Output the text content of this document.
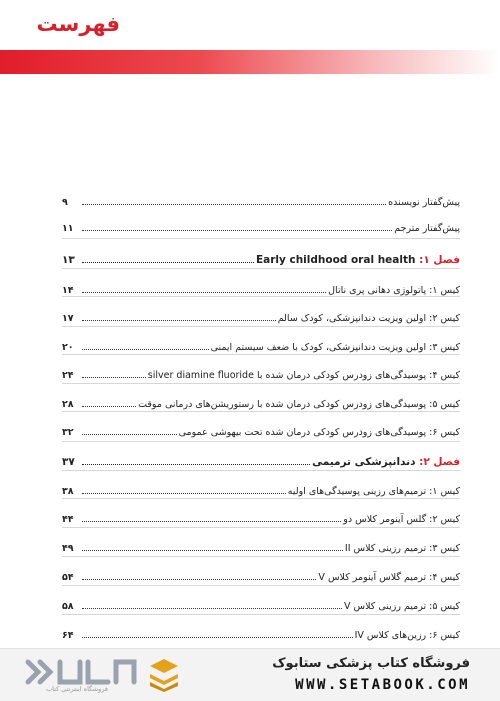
فهرست
پیش‌گفتار نویسنده
۹
پیش‌گفتار مترجم
۱۱
فصل ۱: Early childhood oral health
۱۳
کیس ۱: پاتولوژی دهانی پری ناتال
۱۴
کیس ۲: اولین ویزیت دندانپزشکی، کودک سالم
۱۷
کیس ۳: اولین ویزیت دندانپزشکی، کودک با ضعف سیستم ایمنی
۲۰
کیس ۴: پوسیدگی‌های زودرس کودکی درمان شده با silver diamine fluoride
۲۴
کیس ۵: پوسیدگی‌های زودرس کودکی درمان شده با رستوریشن‌های درمانی موقت
۲۸
کیس ۶: پوسیدگی‌های زودرس کودکی درمان شده تحت بیهوشی عمومی
۳۲
فصل ۲: دندانپزشکی ترمیمی
۳۷
کیس ۱: ترمیم‌های رزینی پوسیدگی‌های اولیه
۳۸
کیس ۲: گلس آینومر کلاس دو
۴۴
کیس ۳: ترمیم رزینی کلاس II
۴۹
کیس ۴: ترمیم گلاس آینومر کلاس V
۵۴
کیس ۵: ترمیم رزینی کلاس V
۵۸
کیس ۶: رزین‌های کلاس IV
۶۴
فروشگاه اینترنتی کتاب
فروشگاه کتاب پزشکی ستابوک
WWW.SETABOOK.COM
